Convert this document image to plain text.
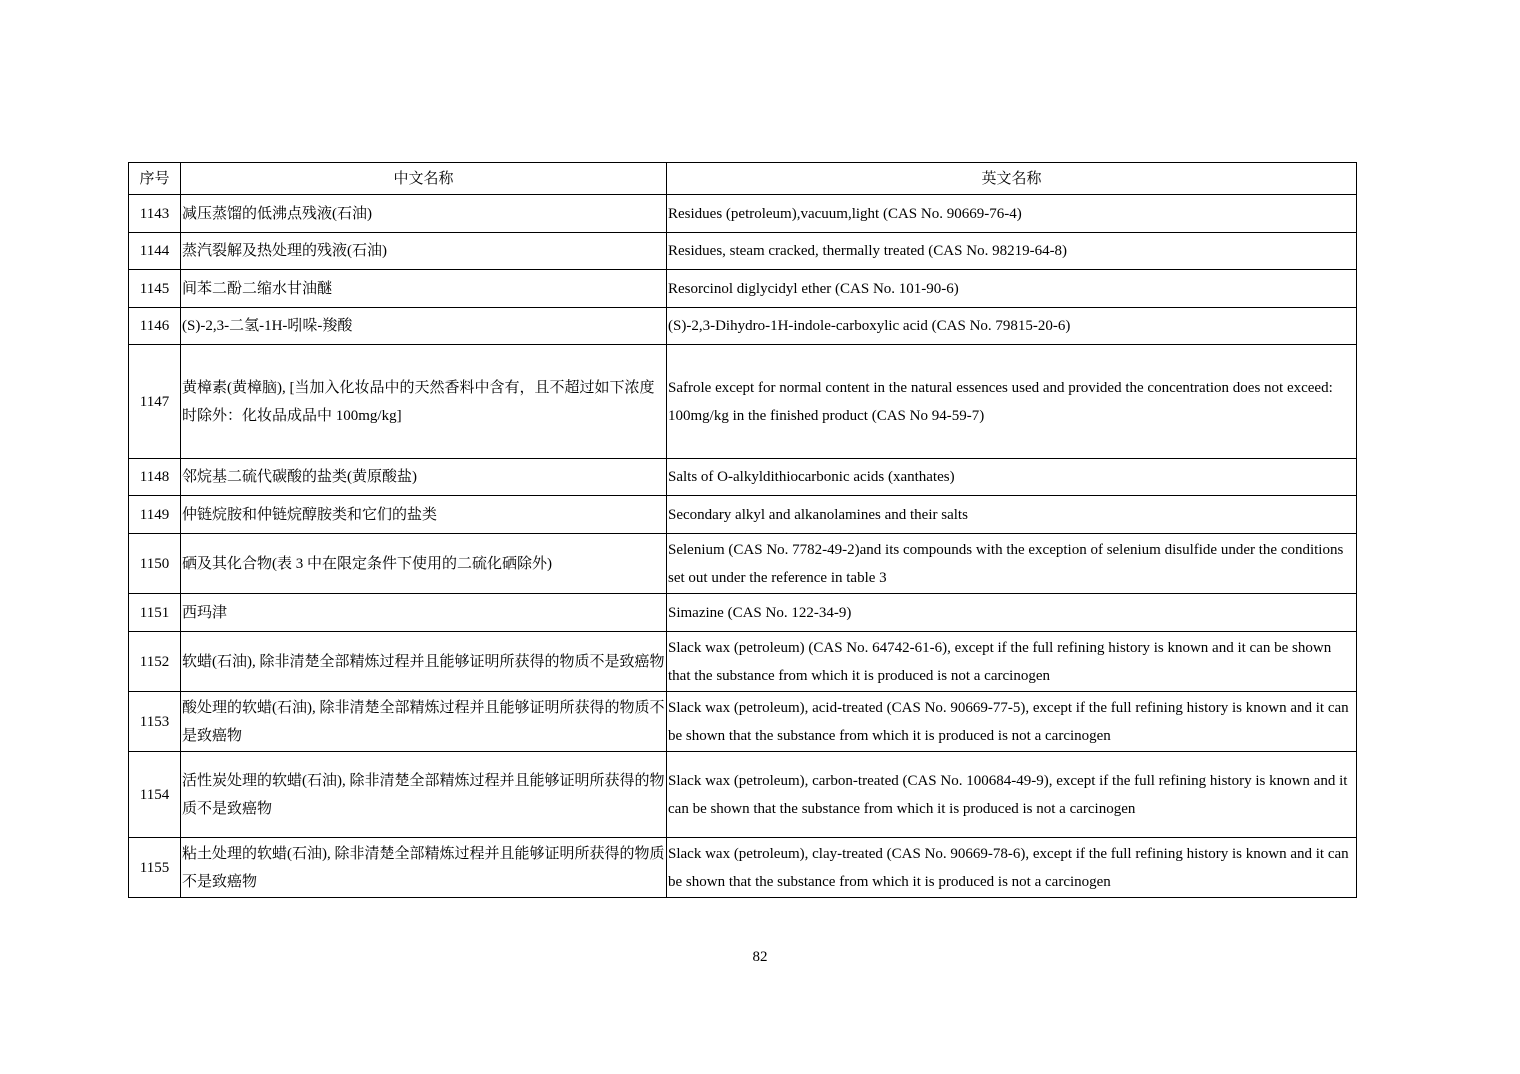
序号	中文名称	英文名称
1143	减压蒸馏的低沸点残液(石油)	Residues (petroleum),vacuum,light (CAS No. 90669-76-4)
1144	蒸汽裂解及热处理的残液(石油)	Residues, steam cracked, thermally treated (CAS No. 98219-64-8)
1145	间苯二酚二缩水甘油醚	Resorcinol diglycidyl ether (CAS No. 101-90-6)
1146	(S)-2,3-二氢-1H-吲哚-羧酸	(S)-2,3-Dihydro-1H-indole-carboxylic acid (CAS No. 79815-20-6)
1147	黄樟素(黄樟脑), [当加入化妆品中的天然香料中含有，且不超过如下浓度时除外：化妆品成品中 100mg/kg]	Safrole except for normal content in the natural essences used and provided the concentration does not exceed: 100mg/kg in the finished product (CAS No 94-59-7)
1148	邻烷基二硫代碳酸的盐类(黄原酸盐)	Salts of O-alkyldithiocarbonic acids (xanthates)
1149	仲链烷胺和仲链烷醇胺类和它们的盐类	Secondary alkyl and alkanolamines and their salts
1150	硒及其化合物(表 3 中在限定条件下使用的二硫化硒除外)	Selenium (CAS No. 7782-49-2)and its compounds with the exception of selenium disulfide under the conditions set out under the reference in table 3
1151	西玛津	Simazine (CAS No. 122-34-9)
1152	软蜡(石油), 除非清楚全部精炼过程并且能够证明所获得的物质不是致癌物	Slack wax (petroleum) (CAS No. 64742-61-6), except if the full refining history is known and it can be shown that the substance from which it is produced is not a carcinogen
1153	酸处理的软蜡(石油), 除非清楚全部精炼过程并且能够证明所获得的物质不是致癌物	Slack wax (petroleum), acid-treated (CAS No. 90669-77-5), except if the full refining history is known and it can be shown that the substance from which it is produced is not a carcinogen
1154	活性炭处理的软蜡(石油), 除非清楚全部精炼过程并且能够证明所获得的物质不是致癌物	Slack wax (petroleum), carbon-treated (CAS No. 100684-49-9), except if the full refining history is known and it can be shown that the substance from which it is produced is not a carcinogen
1155	粘土处理的软蜡(石油), 除非清楚全部精炼过程并且能够证明所获得的物质不是致癌物	Slack wax (petroleum), clay-treated (CAS No. 90669-78-6), except if the full refining history is known and it can be shown that the substance from which it is produced is not a carcinogen
82
